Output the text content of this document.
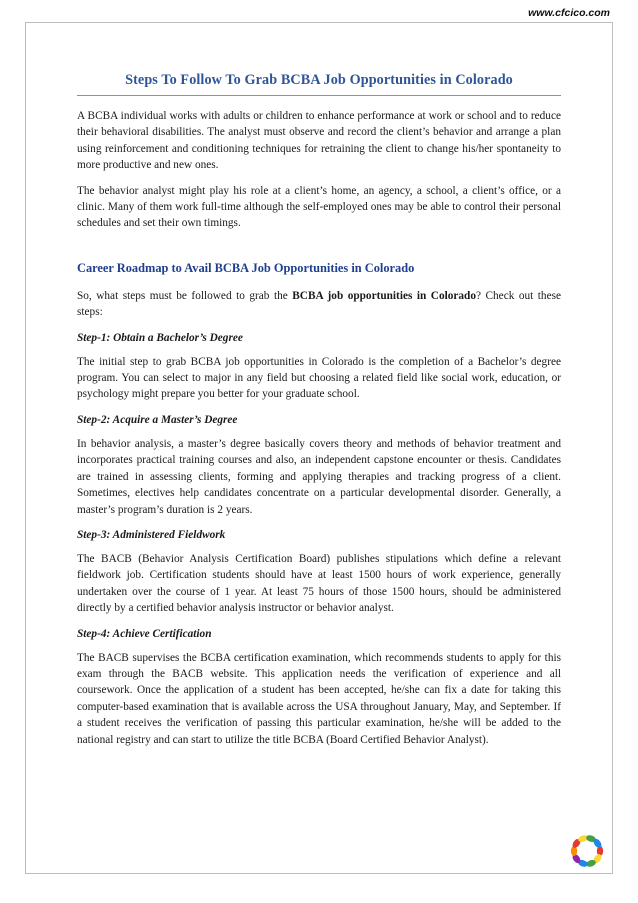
www.cfcico.com
Steps To Follow To Grab BCBA Job Opportunities in Colorado

A BCBA individual works with adults or children to enhance performance at work or school and to reduce their behavioral disabilities. The analyst must observe and record the client’s behavior and arrange a plan using reinforcement and conditioning techniques for retraining the client to change his/her spontaneity to more productive and new ones.

The behavior analyst might play his role at a client’s home, an agency, a school, a client’s office, or a clinic. Many of them work full-time although the self-employed ones may be able to control their personal schedules and set their own timings.

Career Roadmap to Avail BCBA Job Opportunities in Colorado

So, what steps must be followed to grab the BCBA job opportunities in Colorado? Check out these steps:

Step-1: Obtain a Bachelor’s Degree

The initial step to grab BCBA job opportunities in Colorado is the completion of a Bachelor’s degree program. You can select to major in any field but choosing a related field like social work, education, or psychology might prepare you better for your graduate school.

Step-2: Acquire a Master’s Degree

In behavior analysis, a master’s degree basically covers theory and methods of behavior treatment and incorporates practical training courses and also, an independent capstone encounter or thesis. Candidates are trained in assessing clients, forming and applying therapies and tracking progress of a client. Sometimes, electives help candidates concentrate on a particular developmental disorder. Generally, a master’s program’s duration is 2 years.

Step-3: Administered Fieldwork

The BACB (Behavior Analysis Certification Board) publishes stipulations which define a relevant fieldwork job. Certification students should have at least 1500 hours of work experience, generally undertaken over the course of 1 year. At least 75 hours of those 1500 hours, should be administered directly by a certified behavior analysis instructor or behavior analyst.

Step-4: Achieve Certification

The BACB supervises the BCBA certification examination, which recommends students to apply for this exam through the BACB website. This application needs the verification of experience and all coursework. Once the application of a student has been accepted, he/she can fix a date for taking this computer-based examination that is available across the USA throughout January, May, and September. If a student receives the verification of passing this particular examination, he/she will be added to the national registry and can start to utilize the title BCBA (Board Certified Behavior Analyst).
